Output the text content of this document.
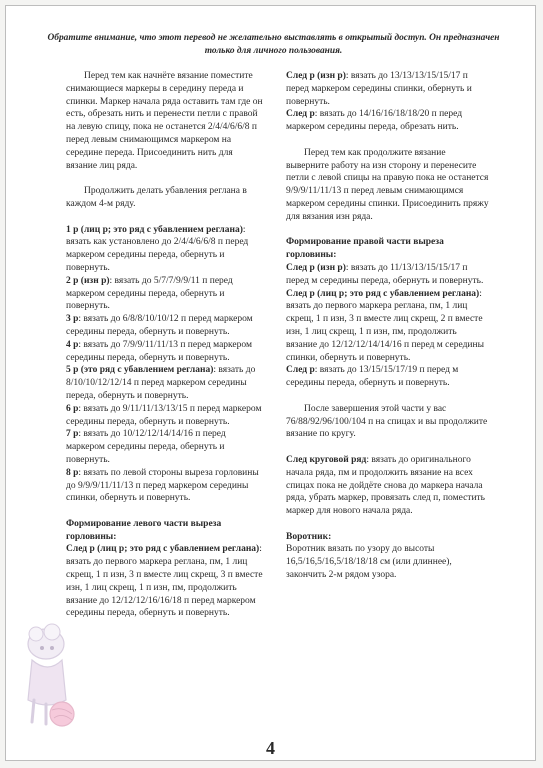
Обратите внимание, что этот перевод не желательно выставлять в открытый доступ. Он предназначен только для личного пользования.

Перед тем как начнёте вязание поместите снимающиеся маркеры в середину переда и спинки. Маркер начала ряда оставить там где он есть, обрезать нить и перенести петли с правой на левую спицу, пока не останется 2/4/4/6/6/8 п перед левым снимающимся маркером на середине переда. Присоединить нить для вязание лиц ряда.

Продолжить делать убавления реглана в каждом 4-м ряду.

1 р (лиц р; это ряд с убавлением реглана): вязать как установлено до 2/4/4/6/6/8 п перед маркером середины переда, обернуть и повернуть.

2 р (изн р): вязать до 5/7/7/9/9/11 п перед маркером середины переда, обернуть и повернуть.

3 р: вязать до 6/8/8/10/10/12 п перед маркером середины переда, обернуть и повернуть.

4 р: вязать до 7/9/9/11/11/13 п перед маркером середины переда, обернуть и повернуть.

5 р (это ряд с убавлением реглана): вязать до 8/10/10/12/12/14 п перед маркером середины переда, обернуть и повернуть.

6 р: вязать до 9/11/11/13/13/15 п перед маркером середины переда, обернуть и повернуть.

7 р: вязать до 10/12/12/14/14/16 п перед маркером середины переда, обернуть и повернуть.

8 р: вязать по левой стороны выреза горловины до 9/9/9/11/11/13 п перед маркером середины спинки, обернуть и повернуть.

Формирование левого части выреза горловины:

След р (лиц р; это ряд с убавлением реглана): вязать до первого маркера реглана, пм, 1 лиц скрещ, 1 п изн, 3 п вместе лиц скрещ, 3 п вместе изн, 1 лиц скрещ, 1 п изн, пм, продолжить вязание до 12/12/12/16/16/18 п перед маркером середины переда, обернуть и повернуть.

След р (изн р): вязать до 13/13/13/15/15/17 п перед маркером середины спинки, обернуть и повернуть.

След р: вязать до 14/16/16/18/18/20 п перед маркером середины переда, обрезать нить.

Перед тем как продолжите вязание выверните работу на изн сторону и перенесите петли с левой спицы на правую пока не останется 9/9/9/11/11/13 п перед левым снимающимся маркером середины спинки. Присоединить пряжу для вязания изн ряда.

Формирование правой части выреза горловины:

След р (изн р): вязать до 11/13/13/15/15/17 п перед м середины переда, обернуть и повернуть.

След р (лиц р; это ряд с убавлением реглана): вязать до первого маркера реглана, пм, 1 лиц скрещ, 1 п изн, 3 п вместе лиц скрещ, 2 п вместе изн, 1 лиц скрещ, 1 п изн, пм, продолжить вязание до 12/12/12/14/14/16 п перед м середины спинки, обернуть и повернуть.

След р: вязать до 13/15/15/17/19 п перед м середины переда, обернуть и повернуть.

После завершения этой части у вас 76/88/92/96/100/104 п на спицах и вы продолжите вязание по кругу.

След круговой ряд: вязать до оригинального начала ряда, пм и продолжить вязание на всех спицах пока не дойдёте снова до маркера начала ряда, убрать маркер, провязать след п, поместить маркер для нового начала ряда.

Воротник:

Воротник вязать по узору до высоты 16,5/16,5/16,5/18/18/18 см (или длиннее), закончить 2-м рядом узора.

4
